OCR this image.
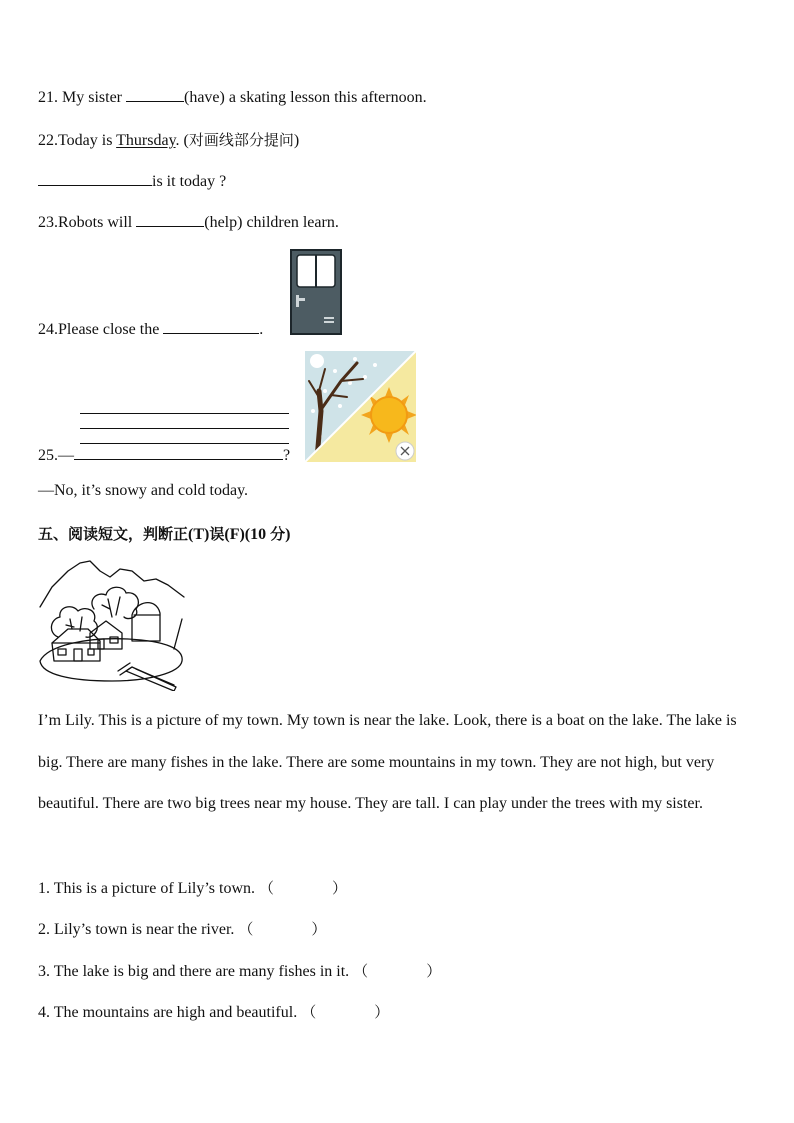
21. My sister	(have) a skating lesson this afternoon.
22.Today is Thursday. (对画线部分提问)
is it today ?
23.Robots will	(help) children learn.
24.Please close the	.
25.—	?
—No, it’s snowy and cold today.
五、阅读短文，判断正(T)误(F)(10 分)
I’m Lily. This is a picture of my town. My town is near the lake. Look, there is a boat on the lake. The lake is big. There are many fishes in the lake. There are some mountains in my town. They are not high, but very beautiful. There are two big trees near my house. They are tall. I can play under the trees with my sister.
1. This is a picture of Lily’s town. （	）
2. Lily’s town is near the river. （	）
3. The lake is big and there are many fishes in it. （	）
4. The mountains are high and beautiful. （	）
